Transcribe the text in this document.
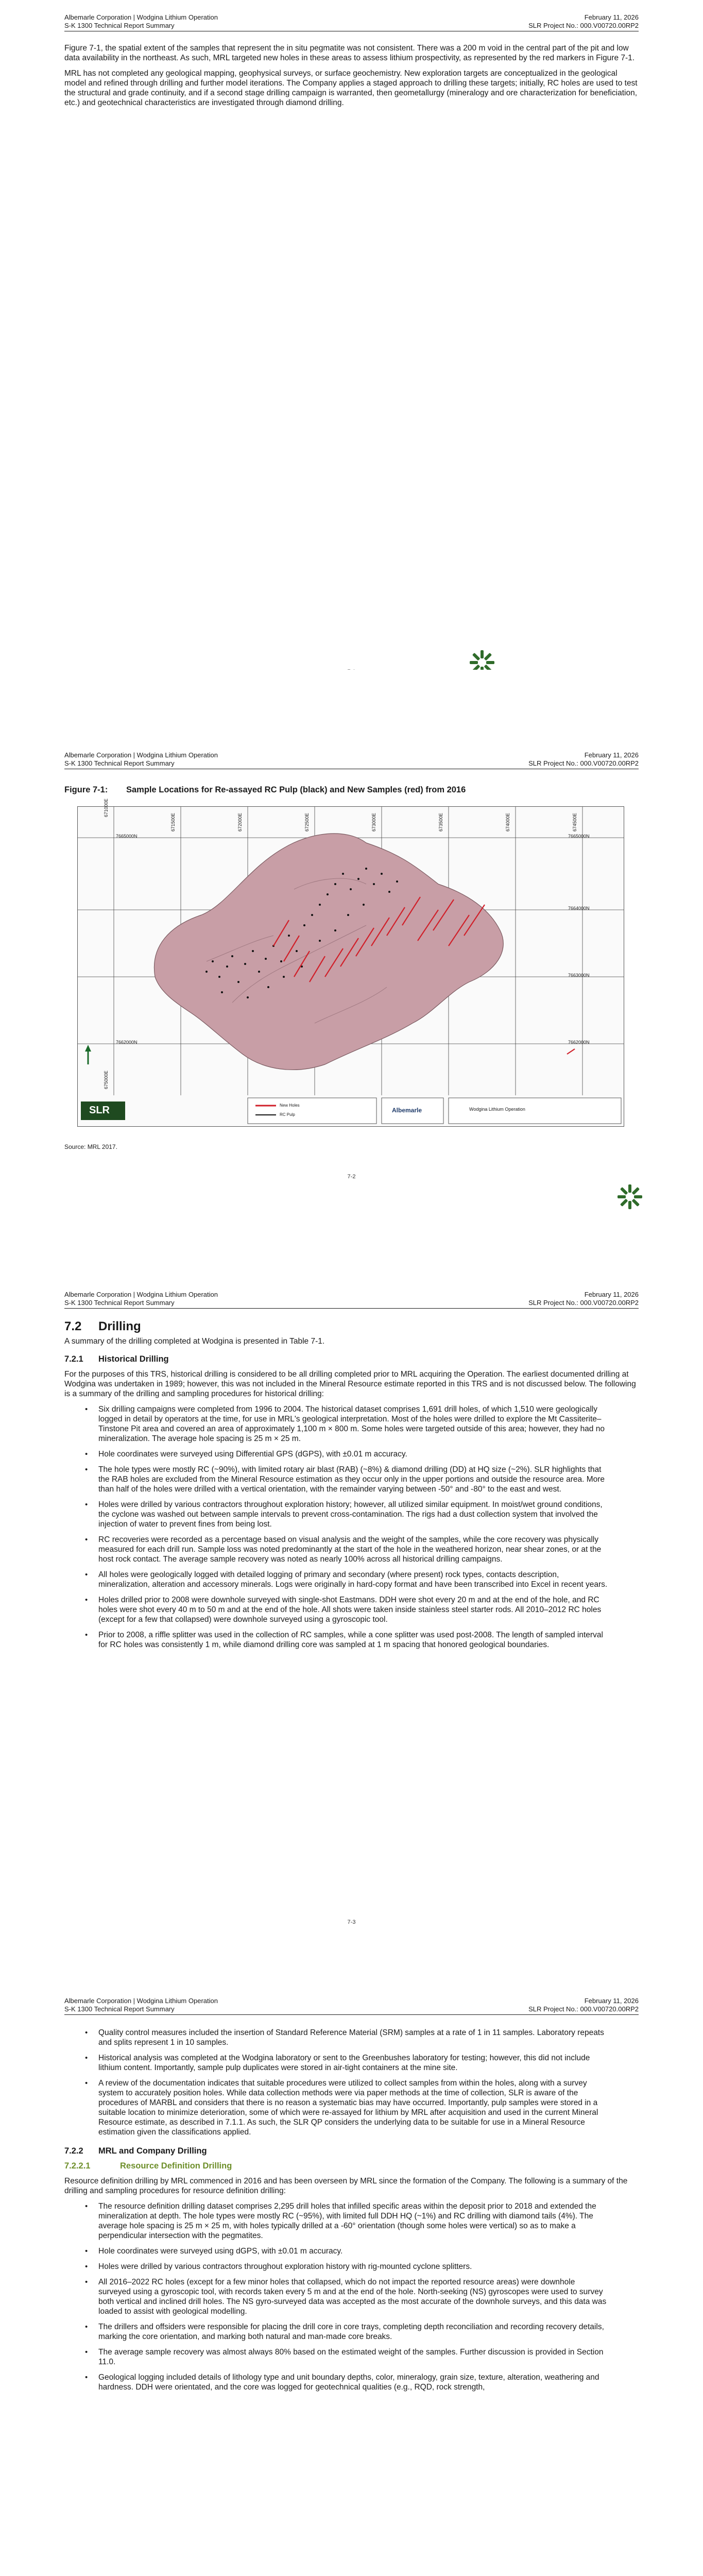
Albemarle Corporation | Wodgina Lithium Operation
S-K 1300 Technical Report Summary
February 11, 2026
SLR Project No.: 000.V00720.00RP2

Figure 7-1, the spatial extent of the samples that represent the in situ pegmatite was not consistent. There was a 200 m void in the central part of the pit and low data availability in the northeast. As such, MRL targeted new holes in these areas to assess lithium prospectivity, as represented by the red markers in Figure 7-1.

MRL has not completed any geological mapping, geophysical surveys, or surface geochemistry. New exploration targets are conceptualized in the geological model and refined through drilling and further model iterations. The Company applies a staged approach to drilling these targets; initially, RC holes are used to test the structural and grade continuity, and if a second stage drilling campaign is warranted, then geometallurgy (mineralogy and ore characterization for beneficiation, etc.) and geotechnical characteristics are investigated through diamond drilling.

Albemarle Corporation | Wodgina Lithium Operation
S-K 1300 Technical Report Summary
February 11, 2026
SLR Project No.: 000.V00720.00RP2
Figure 7-1: Sample Locations for Re-assayed RC Pulp (black) and New Samples (red) from 2016
7665000N
7664000N
7663000N
7662000N
7665000N
7662000N
671000E
671500E	672000E	672500E	673000E	673500E	674000E	674500E
675000E
New Holes
RC Pulp
Albemarle	Wodgina Lithium Operation
SLR
Source: MRL 2017.
7-2
Albemarle Corporation | Wodgina Lithium Operation
S-K 1300 Technical Report Summary
February 11, 2026
SLR Project No.: 000.V00720.00RP2
7.2 Drilling

A summary of the drilling completed at Wodgina is presented in Table 7-1.

7.2.1 Historical Drilling

For the purposes of this TRS, historical drilling is considered to be all drilling completed prior to MRL acquiring the Operation. The earliest documented drilling at Wodgina was undertaken in 1989; however, this was not included in the Mineral Resource estimate reported in this TRS and is not discussed below. The following is a summary of the drilling and sampling procedures for historical drilling:

• Six drilling campaigns were completed from 1996 to 2004. The historical dataset comprises 1,691 drill holes, of which 1,510 were geologically logged in detail by operators at the time, for use in MRL's geological interpretation. Most of the holes were drilled to explore the Mt Cassiterite–Tinstone Pit area and covered an area of approximately 1,100 m × 800 m. Some holes were targeted outside of this area; however, they had no mineralization. The average hole spacing is 25 m × 25 m.
• Hole coordinates were surveyed using Differential GPS (dGPS), with ±0.01 m accuracy.
• The hole types were mostly RC (~90%), with limited rotary air blast (RAB) (~8%) & diamond drilling (DD) at HQ size (~2%). SLR highlights that the RAB holes are excluded from the Mineral Resource estimation as they occur only in the upper portions and outside the resource area. More than half of the holes were drilled with a vertical orientation, with the remainder varying between -50° and -80° to the east and west.
• Holes were drilled by various contractors throughout exploration history; however, all utilized similar equipment. In moist/wet ground conditions, the cyclone was washed out between sample intervals to prevent cross-contamination. The rigs had a dust collection system that involved the injection of water to prevent fines from being lost.
• RC recoveries were recorded as a percentage based on visual analysis and the weight of the samples, while the core recovery was physically measured for each drill run. Sample loss was noted predominantly at the start of the hole in the weathered horizon, near shear zones, or at the host rock contact. The average sample recovery was noted as nearly 100% across all historical drilling campaigns.
• All holes were geologically logged with detailed logging of primary and secondary (where present) rock types, contacts description, mineralization, alteration and accessory minerals. Logs were originally in hard-copy format and have been transcribed into Excel in recent years.
• Holes drilled prior to 2008 were downhole surveyed with single-shot Eastmans. DDH were shot every 20 m and at the end of the hole, and RC holes were shot every 40 m to 50 m and at the end of the hole. All shots were taken inside stainless steel starter rods. All 2010–2012 RC holes (except for a few that collapsed) were downhole surveyed using a gyroscopic tool.
• Prior to 2008, a riffle splitter was used in the collection of RC samples, while a cone splitter was used post-2008. The length of sampled interval for RC holes was consistently 1 m, while diamond drilling core was sampled at 1 m spacing that honored geological boundaries.
7-3
Albemarle Corporation | Wodgina Lithium Operation
S-K 1300 Technical Report Summary
February 11, 2026
SLR Project No.: 000.V00720.00RP2
• Quality control measures included the insertion of Standard Reference Material (SRM) samples at a rate of 1 in 11 samples. Laboratory repeats and splits represent 1 in 10 samples.
• Historical analysis was completed at the Wodgina laboratory or sent to the Greenbushes laboratory for testing; however, this did not include lithium content. Importantly, sample pulp duplicates were stored in air-tight containers at the mine site.
• A review of the documentation indicates that suitable procedures were utilized to collect samples from within the holes, along with a survey system to accurately position holes. While data collection methods were via paper methods at the time of collection, SLR is aware of the procedures of MARBL and considers that there is no reason a systematic bias may have occurred. Importantly, pulp samples were stored in a suitable location to minimize deterioration, some of which were re-assayed for lithium by MRL after acquisition and used in the current Mineral Resource estimate, as described in 7.1.1. As such, the SLR QP considers the underlying data to be suitable for use in a Mineral Resource estimation given the classifications applied.
7.2.2 MRL and Company Drilling
7.2.2.1	Resource Definition Drilling

Resource definition drilling by MRL commenced in 2016 and has been overseen by MRL since the formation of the Company. The following is a summary of the drilling and sampling procedures for resource definition drilling:

• The resource definition drilling dataset comprises 2,295 drill holes that infilled specific areas within the deposit prior to 2018 and extended the mineralization at depth. The hole types were mostly RC (~95%), with limited full DDH HQ (~1%) and RC drilling with diamond tails (4%). The average hole spacing is 25 m × 25 m, with holes typically drilled at a -60° orientation (though some holes were vertical) so as to make a perpendicular intersection with the pegmatites.
• Hole coordinates were surveyed using dGPS, with ±0.01 m accuracy.
• Holes were drilled by various contractors throughout exploration history with rig-mounted cyclone splitters.
• All 2016–2022 RC holes (except for a few minor holes that collapsed, which do not impact the reported resource areas) were downhole surveyed using a gyroscopic tool, with records taken every 5 m and at the end of the hole. North-seeking (NS) gyroscopes were used to survey both vertical and inclined drill holes. The NS gyro-surveyed data was accepted as the most accurate of the downhole surveys, and this data was loaded to assist with geological modelling.
• The drillers and offsiders were responsible for placing the drill core in core trays, completing depth reconciliation and recording recovery details, marking the core orientation, and marking both natural and man-made core breaks.
• The average sample recovery was almost always 80% based on the estimated weight of the samples. Further discussion is provided in Section 11.0.
• Geological logging included details of lithology type and unit boundary depths, color, mineralogy, grain size, texture, alteration, weathering and hardness. DDH were orientated, and the core was logged for geotechnical qualities (e.g., RQD, rock strength,
